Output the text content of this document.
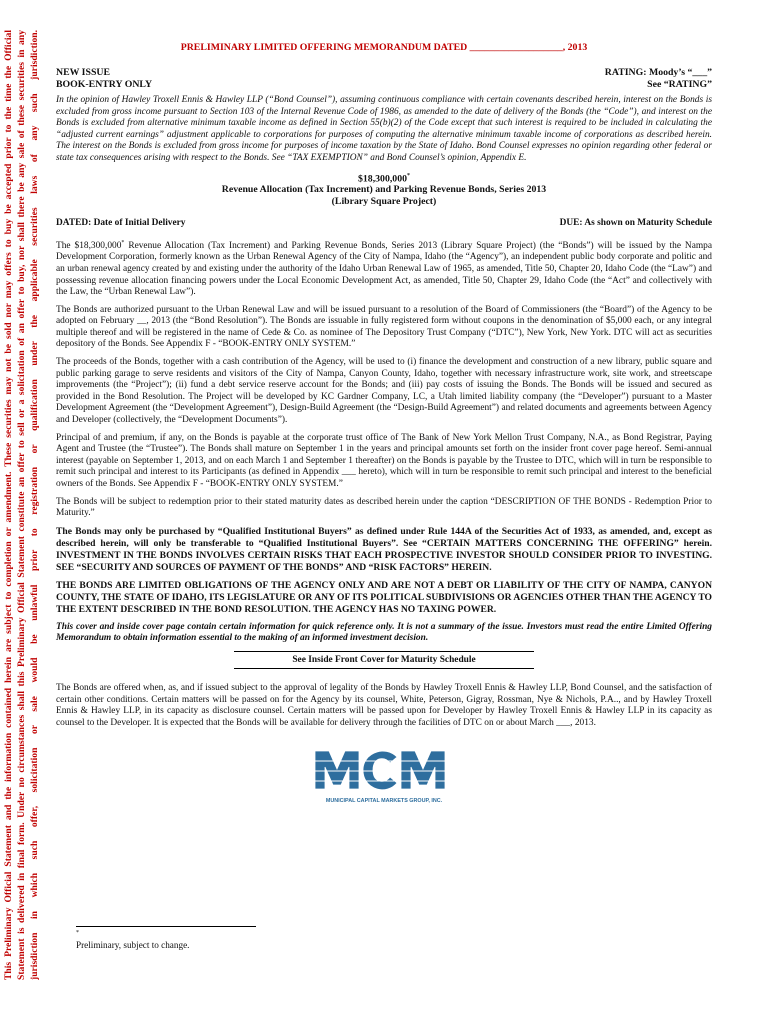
This Preliminary Official Statement and the information contained herein are subject to completion or amendment. These securities may not be sold nor may offers to buy be accepted prior to the time the Official Statement is delivered in final form. Under no circumstances shall this Preliminary Official Statement constitute an offer to sell or a solicitation of an offer to buy, nor shall there be any sale of these securities in any jurisdiction in which such offer, solicitation or sale would be unlawful prior to registration or qualification under the applicable securities laws of any such jurisdiction.	PRELIMINARY LIMITED OFFERING MEMORANDUM DATED ___________________, 2013
NEW ISSUE
BOOK-ENTRY ONLY
RATING: Moody’s “___”
See “RATING”

In the opinion of Hawley Troxell Ennis & Hawley LLP (“Bond Counsel”), assuming continuous compliance with certain covenants described herein, interest on the Bonds is excluded from gross income pursuant to Section 103 of the Internal Revenue Code of 1986, as amended to the date of delivery of the Bonds (the “Code”), and interest on the Bonds is excluded from alternative minimum taxable income as defined in Section 55(b)(2) of the Code except that such interest is required to be included in calculating the “adjusted current earnings” adjustment applicable to corporations for purposes of computing the alternative minimum taxable income of corporations as described herein. The interest on the Bonds is excluded from gross income for purposes of income taxation by the State of Idaho. Bond Counsel expresses no opinion regarding other federal or state tax consequences arising with respect to the Bonds. See “TAX EXEMPTION” and Bond Counsel’s opinion, Appendix E.

$18,300,000*
Revenue Allocation (Tax Increment) and Parking Revenue Bonds, Series 2013
(Library Square Project)
DATED: Date of Initial Delivery	DUE: As shown on Maturity Schedule

The $18,300,000* Revenue Allocation (Tax Increment) and Parking Revenue Bonds, Series 2013 (Library Square Project) (the “Bonds”) will be issued by the Nampa Development Corporation, formerly known as the Urban Renewal Agency of the City of Nampa, Idaho (the “Agency”), an independent public body corporate and politic and an urban renewal agency created by and existing under the authority of the Idaho Urban Renewal Law of 1965, as amended, Title 50, Chapter 20, Idaho Code (the “Law”) and possessing revenue allocation financing powers under the Local Economic Development Act, as amended, Title 50, Chapter 29, Idaho Code (the “Act” and collectively with the Law, the “Urban Renewal Law”).

The Bonds are authorized pursuant to the Urban Renewal Law and will be issued pursuant to a resolution of the Board of Commissioners (the “Board”) of the Agency to be adopted on February __, 2013 (the “Bond Resolution”). The Bonds are issuable in fully registered form without coupons in the denomination of $5,000 each, or any integral multiple thereof and will be registered in the name of Cede & Co. as nominee of The Depository Trust Company (“DTC”), New York, New York. DTC will act as securities depository of the Bonds. See Appendix F - “BOOK-ENTRY ONLY SYSTEM.”

The proceeds of the Bonds, together with a cash contribution of the Agency, will be used to (i) finance the development and construction of a new library, public square and public parking garage to serve residents and visitors of the City of Nampa, Canyon County, Idaho, together with necessary infrastructure work, site work, and streetscape improvements (the “Project”); (ii) fund a debt service reserve account for the Bonds; and (iii) pay costs of issuing the Bonds. The Bonds will be issued and secured as provided in the Bond Resolution. The Project will be developed by KC Gardner Company, LC, a Utah limited liability company (the “Developer”) pursuant to a Master Development Agreement (the “Development Agreement”), Design-Build Agreement (the “Design-Build Agreement”) and related documents and agreements between Agency and Developer (collectively, the “Development Documents”).

Principal of and premium, if any, on the Bonds is payable at the corporate trust office of The Bank of New York Mellon Trust Company, N.A., as Bond Registrar, Paying Agent and Trustee (the “Trustee”). The Bonds shall mature on September 1 in the years and principal amounts set forth on the insider front cover page hereof. Semi-annual interest (payable on September 1, 2013, and on each March 1 and September 1 thereafter) on the Bonds is payable by the Trustee to DTC, which will in turn be responsible to remit such principal and interest to its Participants (as defined in Appendix ___ hereto), which will in turn be responsible to remit such principal and interest to the beneficial owners of the Bonds. See Appendix F - “BOOK-ENTRY ONLY SYSTEM.”

The Bonds will be subject to redemption prior to their stated maturity dates as described herein under the caption “DESCRIPTION OF THE BONDS - Redemption Prior to Maturity.”

The Bonds may only be purchased by “Qualified Institutional Buyers” as defined under Rule 144A of the Securities Act of 1933, as amended, and, except as described herein, will only be transferable to “Qualified Institutional Buyers”. See “CERTAIN MATTERS CONCERNING THE OFFERING” herein. INVESTMENT IN THE BONDS INVOLVES CERTAIN RISKS THAT EACH PROSPECTIVE INVESTOR SHOULD CONSIDER PRIOR TO INVESTING. SEE “SECURITY AND SOURCES OF PAYMENT OF THE BONDS” AND “RISK FACTORS” HEREIN.

THE BONDS ARE LIMITED OBLIGATIONS OF THE AGENCY ONLY AND ARE NOT A DEBT OR LIABILITY OF THE CITY OF NAMPA, CANYON COUNTY, THE STATE OF IDAHO, ITS LEGISLATURE OR ANY OF ITS POLITICAL SUBDIVISIONS OR AGENCIES OTHER THAN THE AGENCY TO THE EXTENT DESCRIBED IN THE BOND RESOLUTION. THE AGENCY HAS NO TAXING POWER.

This cover and inside cover page contain certain information for quick reference only. It is not a summary of the issue. Investors must read the entire Limited Offering Memorandum to obtain information essential to the making of an informed investment decision.

See Inside Front Cover for Maturity Schedule

The Bonds are offered when, as, and if issued subject to the approval of legality of the Bonds by Hawley Troxell Ennis & Hawley LLP, Bond Counsel, and the satisfaction of certain other conditions. Certain matters will be passed on for the Agency by its counsel, White, Peterson, Gigray, Rossman, Nye & Nichols, P.A.., and by Hawley Troxell Ennis & Hawley LLP, in its capacity as disclosure counsel. Certain matters will be passed upon for Developer by Hawley Troxell Ennis & Hawley LLP in its capacity as counsel to the Developer. It is expected that the Bonds will be available for delivery through the facilities of DTC on or about March ___, 2013.

MUNICIPAL CAPITAL MARKETS GROUP, INC.
*
Preliminary, subject to change.
